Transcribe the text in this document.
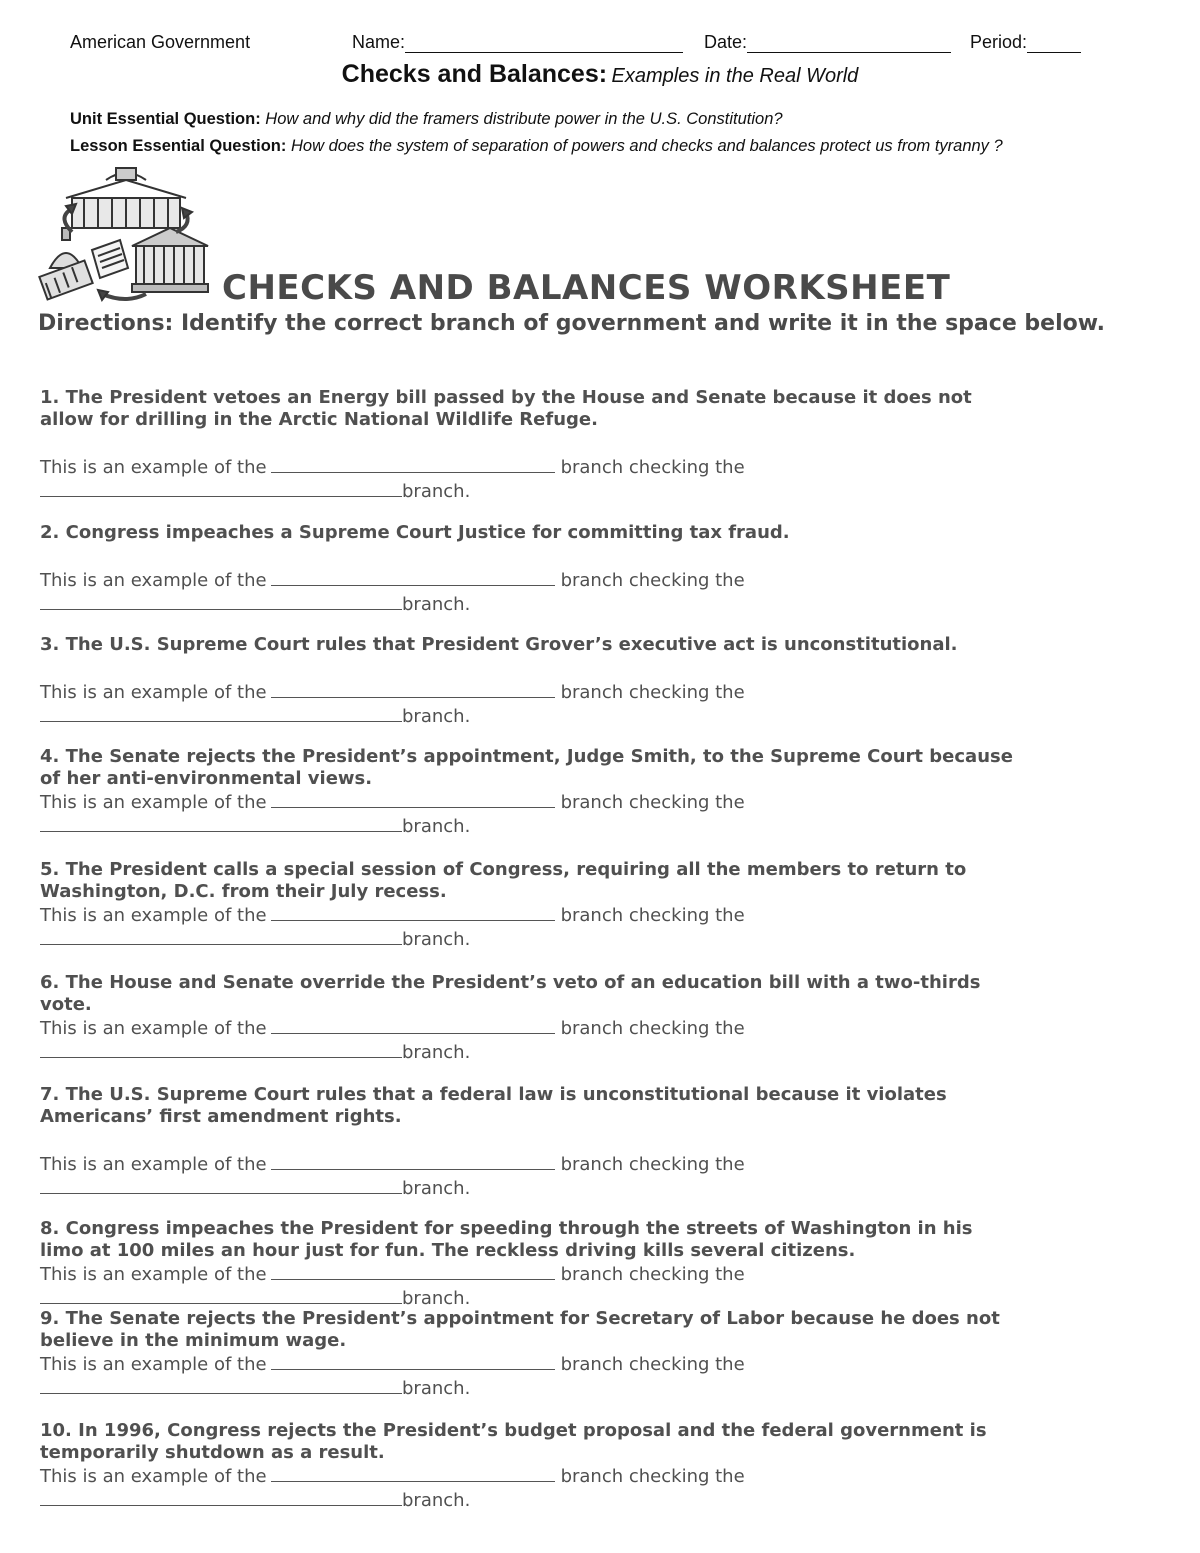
American Government	Name:	Date:	Period:
Checks and Balances: Examples in the Real World
Unit Essential Question: How and why did the framers distribute power in the U.S. Constitution?
Lesson Essential Question: How does the system of separation of powers and checks and balances protect us from tyranny ?
CHECKS AND BALANCES WORKSHEET
Directions: Identify the correct branch of government and write it in the space below.
1. The President vetoes an Energy bill passed by the House and Senate because it does not
allow for drilling in the Arctic National Wildlife Refuge.
This is an example of the	branch checking the
branch.
2. Congress impeaches a Supreme Court Justice for committing tax fraud.
This is an example of the	branch checking the
branch.
3. The U.S. Supreme Court rules that President Grover’s executive act is unconstitutional.
This is an example of the	branch checking the
branch.
4. The Senate rejects the President’s appointment, Judge Smith, to the Supreme Court because
of her anti-environmental views.
This is an example of the	branch checking the
branch.
5. The President calls a special session of Congress, requiring all the members to return to
Washington, D.C. from their July recess.
This is an example of the	branch checking the
branch.
6. The House and Senate override the President’s veto of an education bill with a two-thirds
vote.
This is an example of the	branch checking the
branch.
7. The U.S. Supreme Court rules that a federal law is unconstitutional because it violates
Americans’ first amendment rights.
This is an example of the	branch checking the
branch.
8. Congress impeaches the President for speeding through the streets of Washington in his
limo at 100 miles an hour just for fun. The reckless driving kills several citizens.
This is an example of the	branch checking the
branch.
9. The Senate rejects the President’s appointment for Secretary of Labor because he does not
believe in the minimum wage.
This is an example of the	branch checking the
branch.
10. In 1996, Congress rejects the President’s budget proposal and the federal government is
temporarily shutdown as a result.
This is an example of the	branch checking the
branch.
